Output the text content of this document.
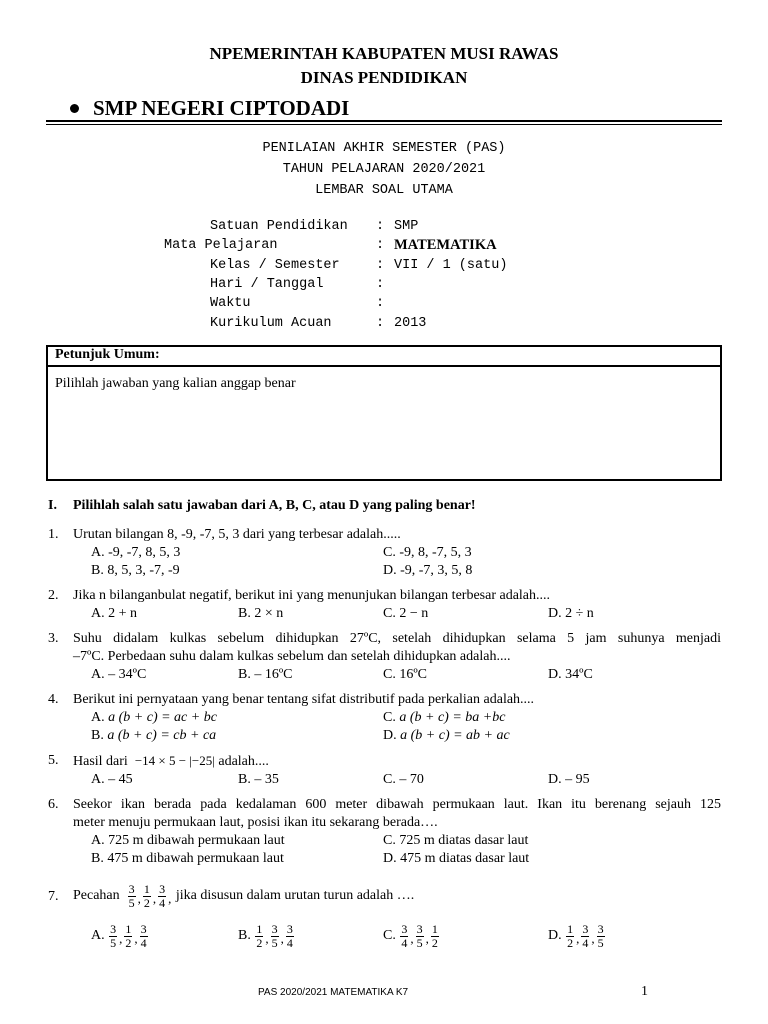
NPEMERINTAH KABUPATEN MUSI RAWAS
DINAS PENDIDIKAN
SMP NEGERI CIPTODADI
PENILAIAN AKHIR SEMESTER (PAS)
TAHUN PELAJARAN 2020/2021
LEMBAR SOAL UTAMA
Satuan Pendidikan : SMP
Mata Pelajaran	: MATEMATIKA
Kelas / Semester	: VII / 1 (satu)
Hari / Tanggal	:
Waktu	:
Kurikulum Acuan	: 2013
Petunjuk Umum:
Pilihlah jawaban yang kalian anggap benar
I. Pilihlah salah satu jawaban dari A, B, C, atau D yang paling benar!
1. Urutan bilangan 8, -9, -7, 5, 3 dari yang terbesar adalah.....
A. -9, -7, 8, 5, 3	C. -9, 8, -7, 5, 3
B. 8, 5, 3, -7, -9	D. -9, -7, 3, 5, 8
2. Jika n bilanganbulat negatif, berikut ini yang menunjukan bilangan terbesar adalah....
A. 2 + n	B. 2 × n	C. 2 − n	D. 2 ÷ n
3. Suhu didalam kulkas sebelum dihidupkan 27ºC, setelah dihidupkan selama 5 jam suhunya menjadi
–7ºC. Perbedaan suhu dalam kulkas sebelum dan setelah dihidupkan adalah....
A. – 34ºC	B. – 16ºC	C. 16ºC	D. 34ºC
4. Berikut ini pernyataan yang benar tentang sifat distributif pada perkalian adalah....
A. a (b + c) = ac + bc	C. a (b + c) = ba +bc
B. a (b + c) = cb + ca	D. a (b + c) = ab + ac
5. Hasil dari −14 × 5 − |−25| adalah....
A. – 45	B. – 35	C. – 70	D. – 95
6. Seekor ikan berada pada kedalaman 600 meter dibawah permukaan laut. Ikan itu berenang sejauh 125
meter menuju permukaan laut, posisi ikan itu sekarang berada….
A. 725 m dibawah permukaan laut	C. 725 m diatas dasar laut
B. 475 m dibawah permukaan laut	D. 475 m diatas dasar laut
7. Pecahan
$\frac{3}{5}$ , $\frac{1}{2}$ , $\frac{3}{4}$ ,
jika disusun dalam urutan turun adalah ….
A.
$\frac{3}{5}$ , $\frac{1}{2}$ , $\frac{3}{4}$	B.
$\frac{1}{2}$ , $\frac{3}{5}$ , $\frac{3}{4}$	C.
$\frac{3}{4}$ , $\frac{3}{5}$ , $\frac{1}{2}$	D.
$\frac{1}{2}$ , $\frac{3}{4}$ , $\frac{3}{5}$
PAS 2020/2021 MATEMATIKA K7	1
